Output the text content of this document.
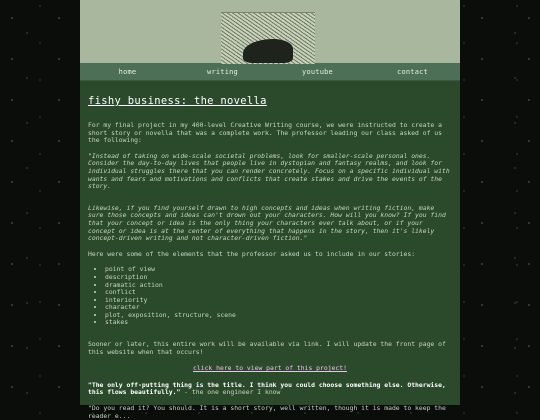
home	writing	youtube	contact
fishy business: the novella

For my final project in my 400-level Creative Writing course, we were instructed to create a short story or novella that was a complete work. The professor leading our class asked of us the following:

"Instead of taking on wide-scale societal problems, look for smaller-scale personal ones. Consider the day-to-day lives that people live in dystopian and fantasy realms, and look for individual struggles there that you can render concretely. Focus on a specific individual with wants and fears and motivations and conflicts that create stakes and drive the events of the story.

Likewise, if you find yourself drawn to high concepts and ideas when writing fiction, make sure those concepts and ideas can't drown out your characters. How will you know? If you find that your concept or idea is the only thing your characters ever talk about, or if your concept or idea is at the center of everything that happens in the story, then it's likely concept-driven writing and not character-driven fiction."

Here were some of the elements that the professor asked us to include in our stories:

• point of view
• description
• dramatic action
• conflict
• interiority
• character
• plot, exposition, structure, scene
• stakes

Sooner or later, this entire work will be available via link. I will update the front page of this website when that occurs!

click here to view part of this project!

"The only off-putting thing is the title. I think you could choose something else. Otherwise, this flows beautifully." - the one engineer I know

"Do you read it? You should. It is a short story, well written, though it is made to keep the reader e...
